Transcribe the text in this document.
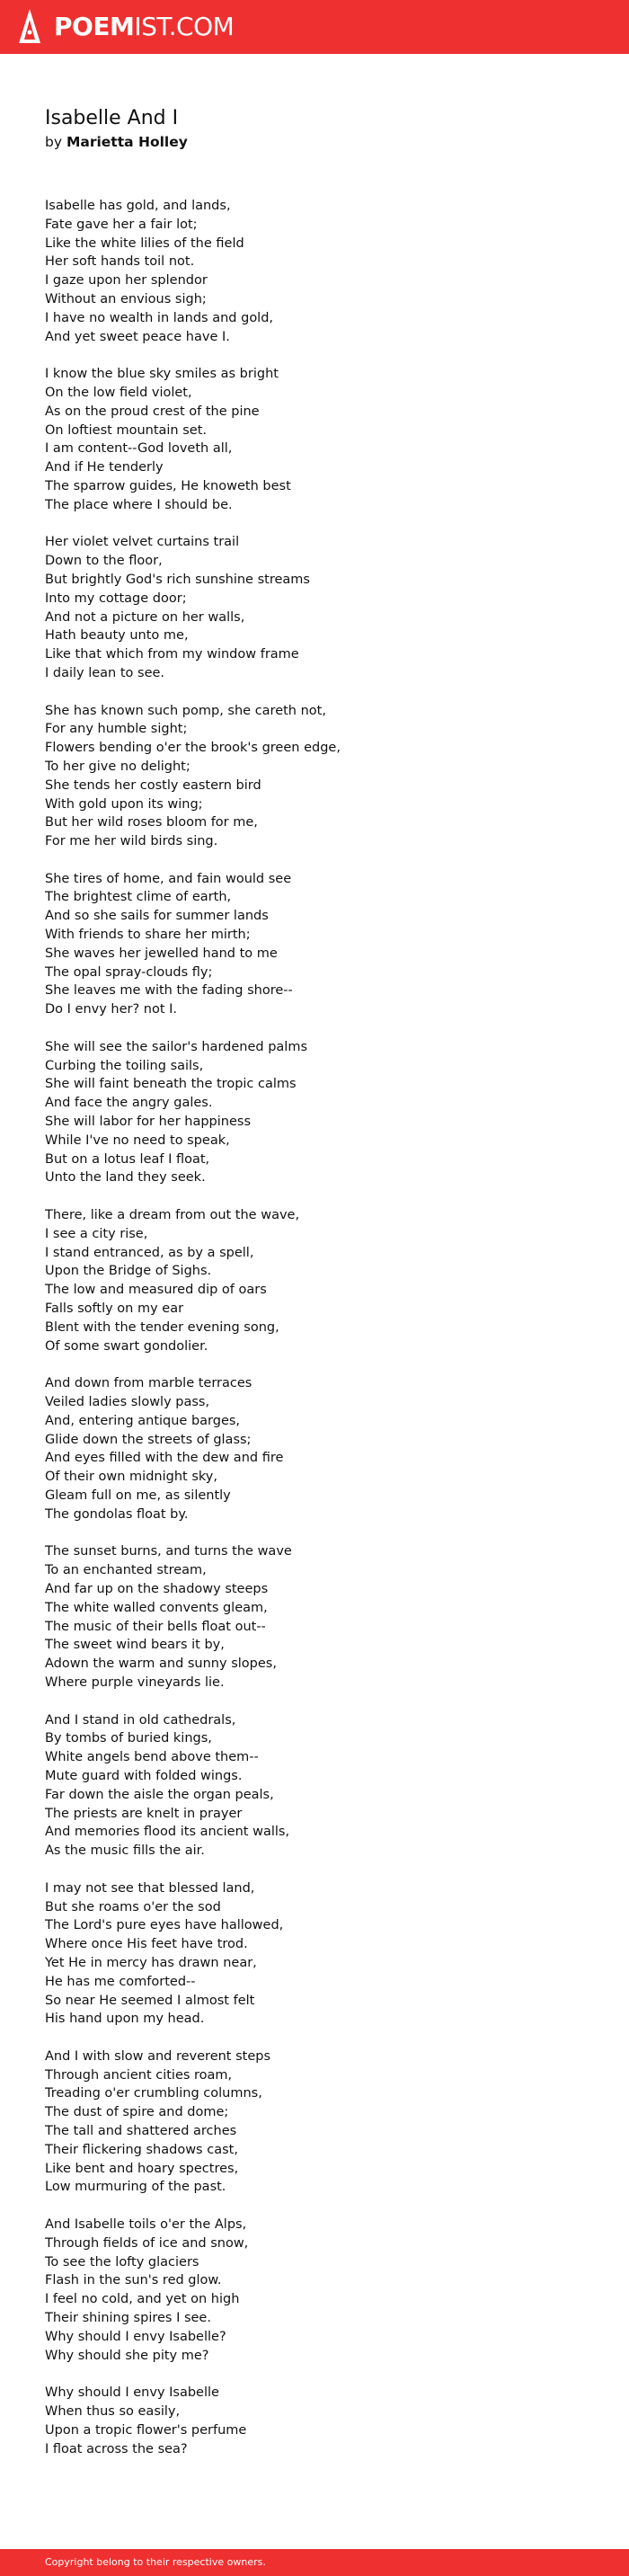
POEMIST.COM
Isabelle And I
by Marietta Holley
Isabelle has gold, and lands,
Fate gave her a fair lot;
Like the white lilies of the field
Her soft hands toil not.
I gaze upon her splendor
Without an envious sigh;
I have no wealth in lands and gold,
And yet sweet peace have I.
I know the blue sky smiles as bright
On the low field violet,
As on the proud crest of the pine
On loftiest mountain set.
I am content--God loveth all,
And if He tenderly
The sparrow guides, He knoweth best
The place where I should be.
Her violet velvet curtains trail
Down to the floor,
But brightly God's rich sunshine streams
Into my cottage door;
And not a picture on her walls,
Hath beauty unto me,
Like that which from my window frame
I daily lean to see.
She has known such pomp, she careth not,
For any humble sight;
Flowers bending o'er the brook's green edge,
To her give no delight;
She tends her costly eastern bird
With gold upon its wing;
But her wild roses bloom for me,
For me her wild birds sing.
She tires of home, and fain would see
The brightest clime of earth,
And so she sails for summer lands
With friends to share her mirth;
She waves her jewelled hand to me
The opal spray-clouds fly;
She leaves me with the fading shore--
Do I envy her? not I.
She will see the sailor's hardened palms
Curbing the toiling sails,
She will faint beneath the tropic calms
And face the angry gales.
She will labor for her happiness
While I've no need to speak,
But on a lotus leaf I float,
Unto the land they seek.
There, like a dream from out the wave,
I see a city rise,
I stand entranced, as by a spell,
Upon the Bridge of Sighs.
The low and measured dip of oars
Falls softly on my ear
Blent with the tender evening song,
Of some swart gondolier.
And down from marble terraces
Veiled ladies slowly pass,
And, entering antique barges,
Glide down the streets of glass;
And eyes filled with the dew and fire
Of their own midnight sky,
Gleam full on me, as silently
The gondolas float by.
The sunset burns, and turns the wave
To an enchanted stream,
And far up on the shadowy steeps
The white walled convents gleam,
The music of their bells float out--
The sweet wind bears it by,
Adown the warm and sunny slopes,
Where purple vineyards lie.
And I stand in old cathedrals,
By tombs of buried kings,
White angels bend above them--
Mute guard with folded wings.
Far down the aisle the organ peals,
The priests are knelt in prayer
And memories flood its ancient walls,
As the music fills the air.
I may not see that blessed land,
But she roams o'er the sod
The Lord's pure eyes have hallowed,
Where once His feet have trod.
Yet He in mercy has drawn near,
He has me comforted--
So near He seemed I almost felt
His hand upon my head.
And I with slow and reverent steps
Through ancient cities roam,
Treading o'er crumbling columns,
The dust of spire and dome;
The tall and shattered arches
Their flickering shadows cast,
Like bent and hoary spectres,
Low murmuring of the past.
And Isabelle toils o'er the Alps,
Through fields of ice and snow,
To see the lofty glaciers
Flash in the sun's red glow.
I feel no cold, and yet on high
Their shining spires I see.
Why should I envy Isabelle?
Why should she pity me?
Why should I envy Isabelle
When thus so easily,
Upon a tropic flower's perfume
I float across the sea?
Copyright belong to their respective owners.
